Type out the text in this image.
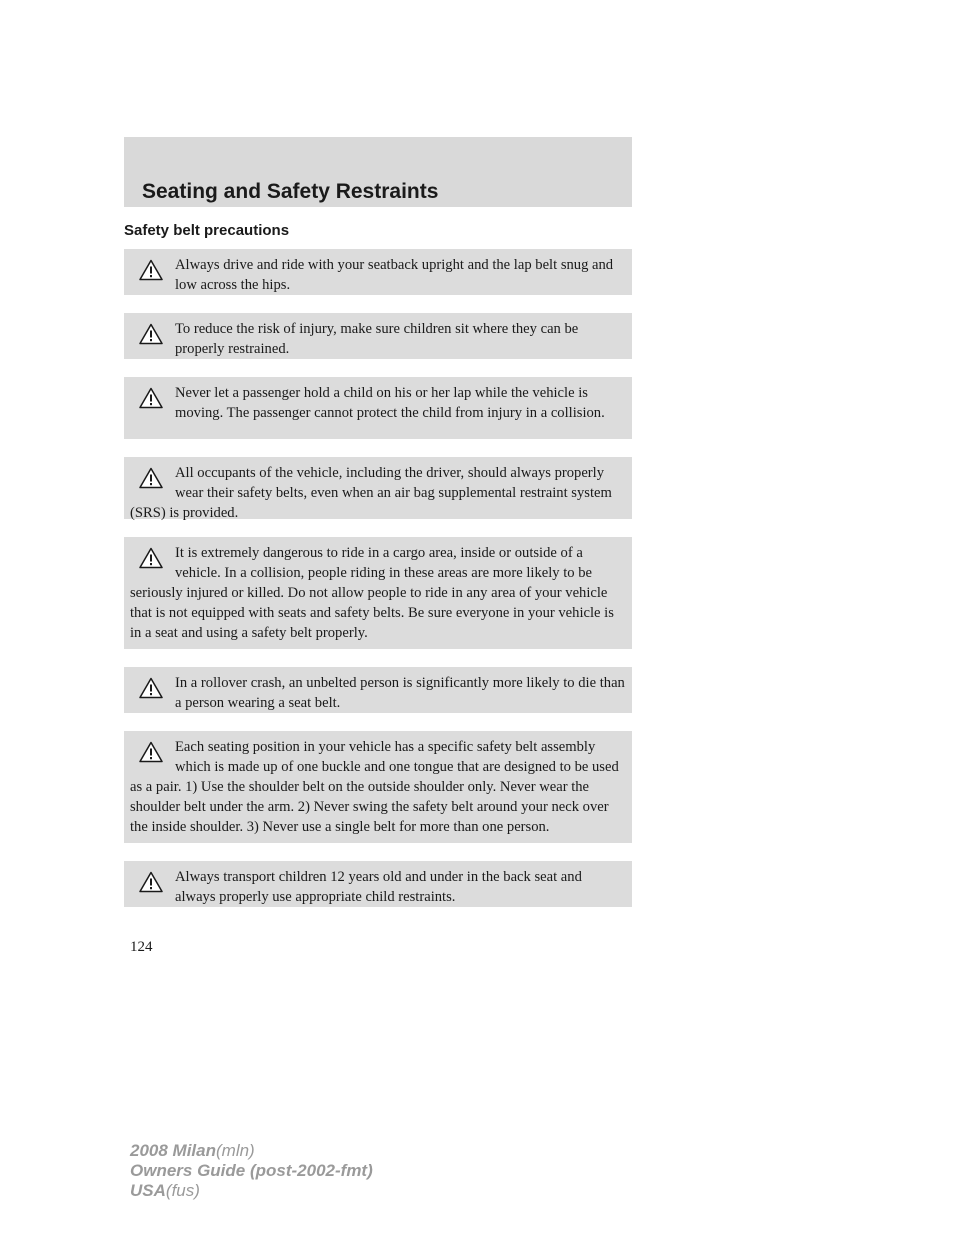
Seating and Safety Restraints
Safety belt precautions
Always drive and ride with your seatback upright and the lap belt snug and low across the hips.
To reduce the risk of injury, make sure children sit where they can be properly restrained.
Never let a passenger hold a child on his or her lap while the vehicle is moving. The passenger cannot protect the child from injury in a collision.
All occupants of the vehicle, including the driver, should always properly wear their safety belts, even when an air bag supplemental restraint system (SRS) is provided.
It is extremely dangerous to ride in a cargo area, inside or outside of a vehicle. In a collision, people riding in these areas are more likely to be seriously injured or killed. Do not allow people to ride in any area of your vehicle that is not equipped with seats and safety belts. Be sure everyone in your vehicle is in a seat and using a safety belt properly.
In a rollover crash, an unbelted person is significantly more likely to die than a person wearing a seat belt.
Each seating position in your vehicle has a specific safety belt assembly which is made up of one buckle and one tongue that are designed to be used as a pair. 1) Use the shoulder belt on the outside shoulder only. Never wear the shoulder belt under the arm. 2) Never swing the safety belt around your neck over the inside shoulder. 3) Never use a single belt for more than one person.
Always transport children 12 years old and under in the back seat and always properly use appropriate child restraints.
124
2008 Milan(mln)
Owners Guide (post-2002-fmt)
USA(fus)
